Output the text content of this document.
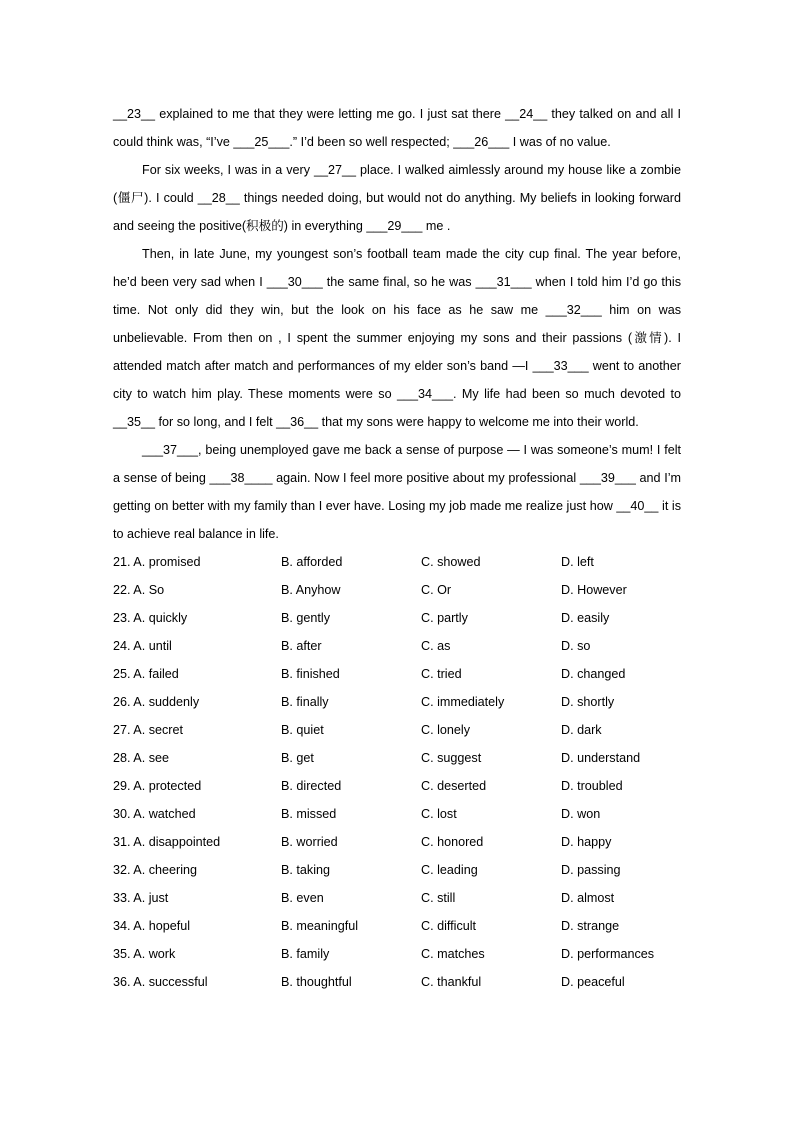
__23__ explained to me that they were letting me go. I just sat there __24__ they talked on and all I could think was, “I’ve ___25___.” I’d been so well respected; ___26___ I was of no value.

For six weeks, I was in a very __27__ place. I walked aimlessly around my house like a zombie (僵尸). I could __28__ things needed doing, but would not do anything. My beliefs in looking forward and seeing the positive(积极的) in everything ___29___ me .

Then, in late June, my youngest son’s football team made the city cup final. The year before, he’d been very sad when I ___30___ the same final, so he was ___31___ when I told him I’d go this time. Not only did they win, but the look on his face as he saw me ___32___ him on was unbelievable. From then on , I spent the summer enjoying my sons and their passions (激情). I attended match after match and performances of my elder son’s band —I ___33___ went to another city to watch him play. These moments were so ___34___. My life had been so much devoted to __35__ for so long, and I felt __36__ that my sons were happy to welcome me into their world.

___37___, being unemployed gave me back a sense of purpose — I was someone’s mum! I felt a sense of being ___38____ again. Now I feel more positive about my professional ___39___ and I’m getting on better with my family than I ever have. Losing my job made me realize just how __40__ it is to achieve real balance in life.

21. A. promised	B. afforded	C. showed	D. left
22. A. So	B. Anyhow	C. Or	D. However
23. A. quickly	B. gently	C. partly	D. easily
24. A. until	B. after	C. as	D. so
25. A. failed	B. finished	C. tried	D. changed
26. A. suddenly	B. finally	C. immediately	D. shortly
27. A. secret	B. quiet	C. lonely	D. dark
28. A. see	B. get	C. suggest	D. understand
29. A. protected	B. directed	C. deserted	D. troubled
30. A. watched	B. missed	C. lost	D. won
31. A. disappointed	B. worried	C. honored	D. happy
32. A. cheering	B. taking	C. leading	D. passing
33. A. just	B. even	C. still	D. almost
34. A. hopeful	B. meaningful	C. difficult	D. strange
35. A. work	B. family	C. matches	D. performances
36. A. successful	B. thoughtful	C. thankful	D. peaceful
